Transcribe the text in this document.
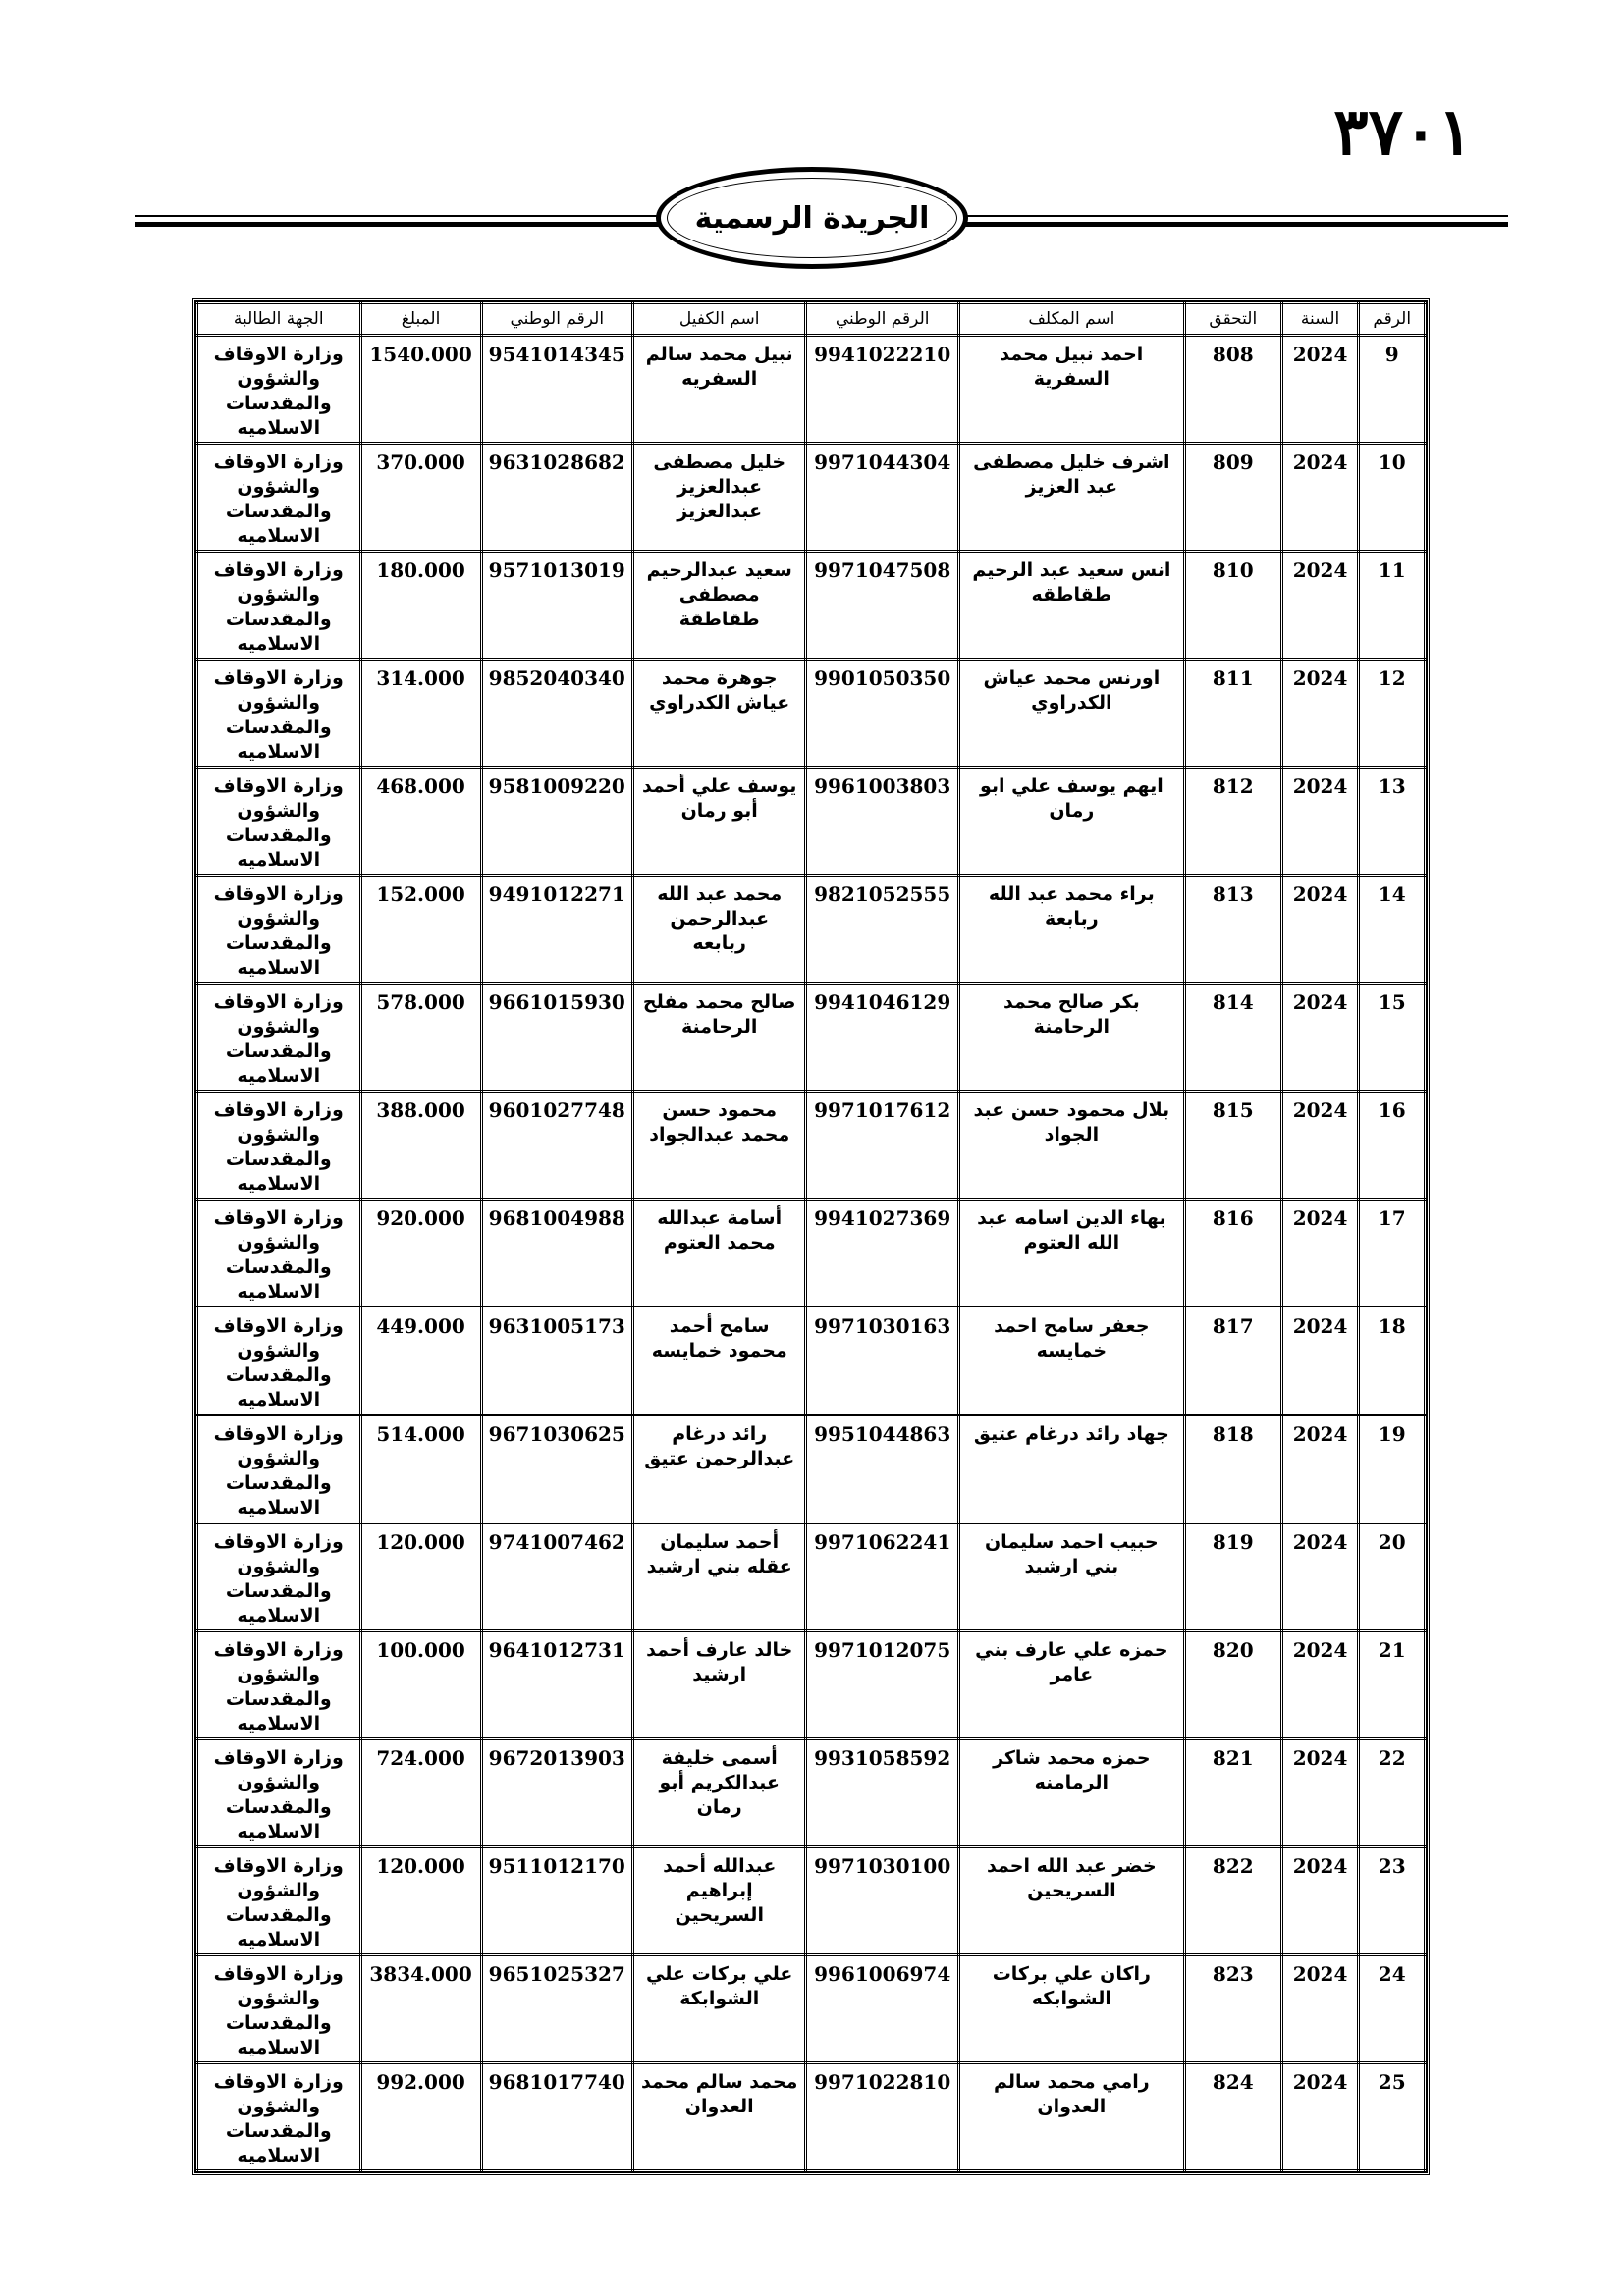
٣٧٠١
الجريدة الرسمية
الرقم	السنة	التحقق	اسم المكلف	الرقم الوطني	اسم الكفيل	الرقم الوطني	المبلغ	الجهة الطالبة
9	2024	808	احمد نبيل محمد السفرية	9941022210	نبيل محمد سالم السفريه	9541014345	1540.000	وزارة الاوقاف والشؤون والمقدسات الاسلاميه
10	2024	809	اشرف خليل مصطفى عبد العزيز	9971044304	خليل مصطفى عبدالعزيز عبدالعزيز	9631028682	370.000	وزارة الاوقاف والشؤون والمقدسات الاسلاميه
11	2024	810	انس سعيد عبد الرحيم طقاطقه	9971047508	سعيد عبدالرحيم مصطفى طقاطقة	9571013019	180.000	وزارة الاوقاف والشؤون والمقدسات الاسلاميه
12	2024	811	اورنس محمد عياش الكدراوي	9901050350	جوهرة محمد عياش الكدراوي	9852040340	314.000	وزارة الاوقاف والشؤون والمقدسات الاسلاميه
13	2024	812	ايهم يوسف علي ابو رمان	9961003803	يوسف علي أحمد أبو رمان	9581009220	468.000	وزارة الاوقاف والشؤون والمقدسات الاسلاميه
14	2024	813	براء محمد عبد الله ربابعة	9821052555	محمد عبد الله عبدالرحمن ربابعه	9491012271	152.000	وزارة الاوقاف والشؤون والمقدسات الاسلاميه
15	2024	814	بكر صالح محمد الرحامنة	9941046129	صالح محمد مفلح الرحامنة	9661015930	578.000	وزارة الاوقاف والشؤون والمقدسات الاسلاميه
16	2024	815	بلال محمود حسن عبد الجواد	9971017612	محمود حسن محمد عبدالجواد	9601027748	388.000	وزارة الاوقاف والشؤون والمقدسات الاسلاميه
17	2024	816	بهاء الدين اسامه عبد الله العتوم	9941027369	أسامة عبدالله محمد العتوم	9681004988	920.000	وزارة الاوقاف والشؤون والمقدسات الاسلاميه
18	2024	817	جعفر سامح احمد خمايسه	9971030163	سامح أحمد محمود خمايسه	9631005173	449.000	وزارة الاوقاف والشؤون والمقدسات الاسلاميه
19	2024	818	جهاد رائد درغام عتيق	9951044863	رائد درغام عبدالرحمن عتيق	9671030625	514.000	وزارة الاوقاف والشؤون والمقدسات الاسلاميه
20	2024	819	حبيب احمد سليمان بني ارشيد	9971062241	أحمد سليمان عقله بني ارشيد	9741007462	120.000	وزارة الاوقاف والشؤون والمقدسات الاسلاميه
21	2024	820	حمزه علي عارف بني عامر	9971012075	خالد عارف أحمد ارشيد	9641012731	100.000	وزارة الاوقاف والشؤون والمقدسات الاسلاميه
22	2024	821	حمزه محمد شاكر الرمامنه	9931058592	أسمى خليفة عبدالكريم أبو رمان	9672013903	724.000	وزارة الاوقاف والشؤون والمقدسات الاسلاميه
23	2024	822	خضر عبد الله احمد السريحين	9971030100	عبدالله أحمد إبراهيم السريحين	9511012170	120.000	وزارة الاوقاف والشؤون والمقدسات الاسلاميه
24	2024	823	راكان علي بركات الشوابكه	9961006974	علي بركات علي الشوابكة	9651025327	3834.000	وزارة الاوقاف والشؤون والمقدسات الاسلاميه
25	2024	824	رامي محمد سالم العدوان	9971022810	محمد سالم محمد العدوان	9681017740	992.000	وزارة الاوقاف والشؤون والمقدسات الاسلاميه
